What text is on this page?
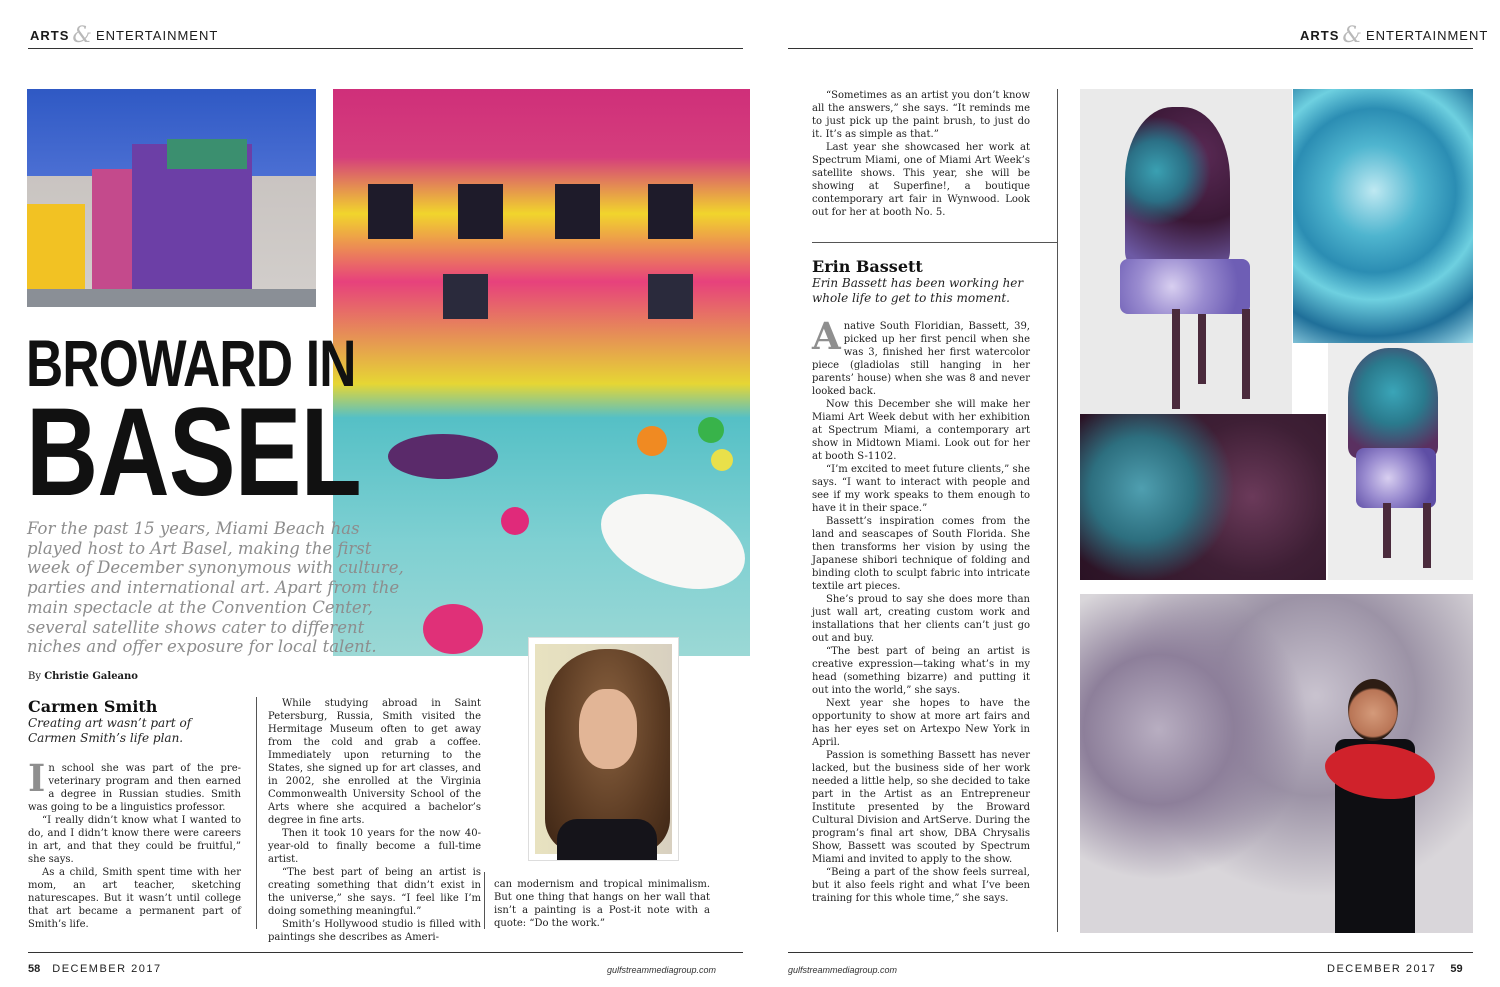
ARTS & ENTERTAINMENT	ARTS & ENTERTAINMENT
BROWARD IN
BASEL
For the past 15 years, Miami Beach has played host to Art Basel, making the first week of December synonymous with culture, parties and international art. Apart from the main spectacle at the Convention Center, several satellite shows cater to different niches and offer exposure for local talent.
By Christie Galeano
Carmen Smith
Creating art wasn’t part of Carmen Smith’s life plan.

In school she was part of the pre-veterinary program and then earned a degree in Russian studies. Smith was going to be a linguistics professor.

“I really didn’t know what I wanted to do, and I didn’t know there were careers in art, and that they could be fruitful,” she says.

As a child, Smith spent time with her mom, an art teacher, sketching naturescapes. But it wasn’t until college that art became a permanent part of Smith’s life.

While studying abroad in Saint Petersburg, Russia, Smith visited the Hermitage Museum often to get away from the cold and grab a coffee. Immediately upon returning to the States, she signed up for art classes, and in 2002, she enrolled at the Virginia Commonwealth University School of the Arts where she acquired a bachelor’s degree in fine arts.

Then it took 10 years for the now 40-year-old to finally become a full-time artist.

“The best part of being an artist is creating something that didn’t exist in the universe,” she says. “I feel like I’m doing something meaningful.”

Smith’s Hollywood studio is filled with paintings she describes as Ameri-

can modernism and tropical minimalism. But one thing that hangs on her wall that isn’t a painting is a Post-it note with a quote: “Do the work.”

“Sometimes as an artist you don’t know all the answers,” she says. “It reminds me to just pick up the paint brush, to just do it. It’s as simple as that.”

Last year she showcased her work at Spectrum Miami, one of Miami Art Week’s satellite shows. This year, she will be showing at Superfine!, a boutique contemporary art fair in Wynwood. Look out for her at booth No. 5.

Erin Bassett
Erin Bassett has been working her whole life to get to this moment.

Anative South Floridian, Bassett, 39, picked up her first pencil when she was 3, finished her first watercolor piece (gladiolas still hanging in her parents’ house) when she was 8 and never looked back.

Now this December she will make her Miami Art Week debut with her exhibition at Spectrum Miami, a contemporary art show in Midtown Miami. Look out for her at booth S-1102.

“I’m excited to meet future clients,” she says. “I want to interact with people and see if my work speaks to them enough to have it in their space.”

Bassett’s inspiration comes from the land and seascapes of South Florida. She then transforms her vision by using the Japanese shibori technique of folding and binding cloth to sculpt fabric into intricate textile art pieces.

She’s proud to say she does more than just wall art, creating custom work and installations that her clients can’t just go out and buy.

“The best part of being an artist is creative expression—taking what’s in my head (something bizarre) and putting it out into the world,” she says.

Next year she hopes to have the opportunity to show at more art fairs and has her eyes set on Artexpo New York in April.

Passion is something Bassett has never lacked, but the business side of her work needed a little help, so she decided to take part in the Artist as an Entrepreneur Institute presented by the Broward Cultural Division and ArtServe. During the program’s final art show, DBA Chrysalis Show, Bassett was scouted by Spectrum Miami and invited to apply to the show.

“Being a part of the show feels surreal, but it also feels right and what I’ve been training for this whole time,” she says.

58 DECEMBER 2017	gulfstreammediagroup.com	gulfstreammediagroup.com	DECEMBER 2017 59
